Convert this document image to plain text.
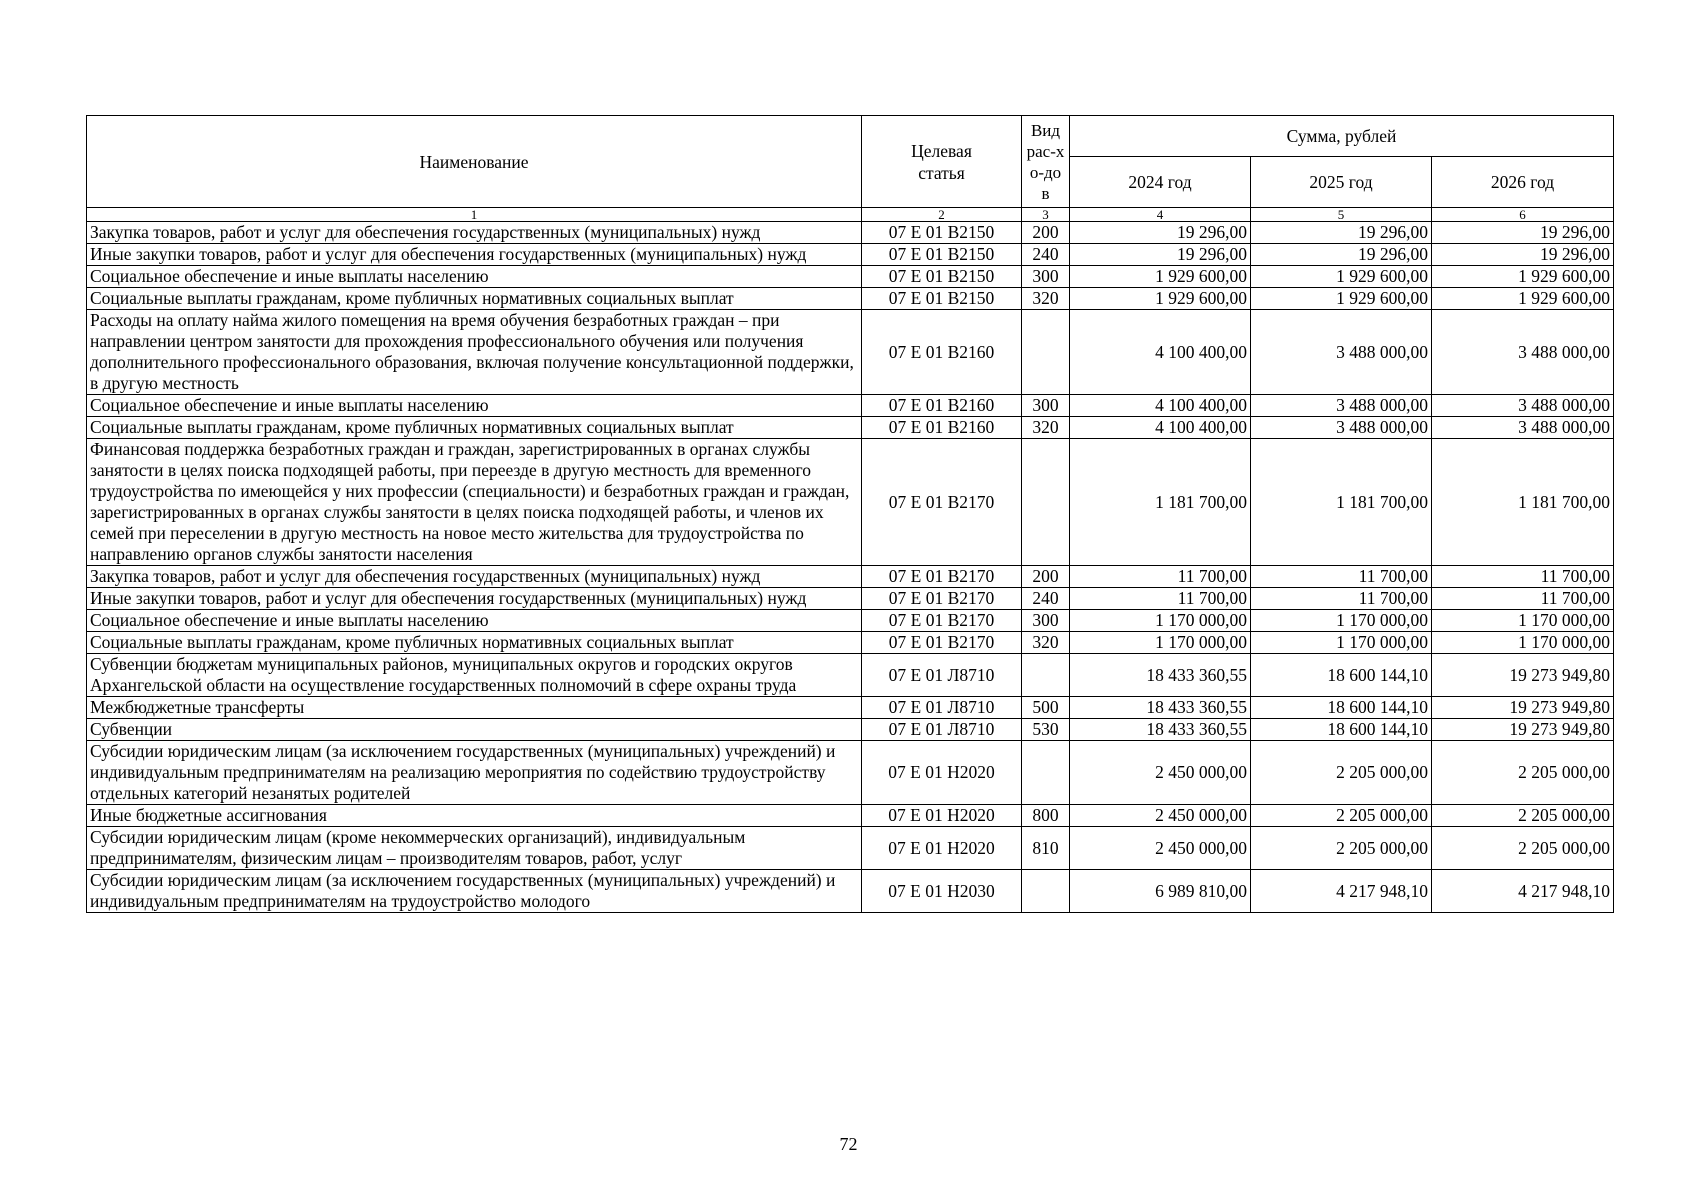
Наименование	Целевая статья	Вид рас-хо-дов	Сумма, рублей		
			2024 год	2025 год	2026 год
1	2	3	4	5	6
Закупка товаров, работ и услуг для обеспечения государственных (муниципальных) нужд	07 Е 01 В2150	200	19 296,00	19 296,00	19 296,00
Иные закупки товаров, работ и услуг для обеспечения государственных (муниципальных) нужд	07 Е 01 В2150	240	19 296,00	19 296,00	19 296,00
Социальное обеспечение и иные выплаты населению	07 Е 01 В2150	300	1 929 600,00	1 929 600,00	1 929 600,00
Социальные выплаты гражданам, кроме публичных нормативных социальных выплат	07 Е 01 В2150	320	1 929 600,00	1 929 600,00	1 929 600,00
Расходы на оплату найма жилого помещения на время обучения безработных граждан – при направлении центром занятости для прохождения профессионального обучения или получения дополнительного профессионального образования, включая получение консультационной поддержки, в другую местность	07 Е 01 В2160		4 100 400,00	3 488 000,00	3 488 000,00
Социальное обеспечение и иные выплаты населению	07 Е 01 В2160	300	4 100 400,00	3 488 000,00	3 488 000,00
Социальные выплаты гражданам, кроме публичных нормативных социальных выплат	07 Е 01 В2160	320	4 100 400,00	3 488 000,00	3 488 000,00
Финансовая поддержка безработных граждан и граждан, зарегистрированных в органах службы занятости в целях поиска подходящей работы, при переезде в другую местность для временного трудоустройства по имеющейся у них профессии (специальности) и безработных граждан и граждан, зарегистрированных в органах службы занятости в целях поиска подходящей работы, и членов их семей при переселении в другую местность на новое место жительства для трудоустройства по направлению органов службы занятости населения	07 Е 01 В2170		1 181 700,00	1 181 700,00	1 181 700,00
Закупка товаров, работ и услуг для обеспечения государственных (муниципальных) нужд	07 Е 01 В2170	200	11 700,00	11 700,00	11 700,00
Иные закупки товаров, работ и услуг для обеспечения государственных (муниципальных) нужд	07 Е 01 В2170	240	11 700,00	11 700,00	11 700,00
Социальное обеспечение и иные выплаты населению	07 Е 01 В2170	300	1 170 000,00	1 170 000,00	1 170 000,00
Социальные выплаты гражданам, кроме публичных нормативных социальных выплат	07 Е 01 В2170	320	1 170 000,00	1 170 000,00	1 170 000,00
Субвенции бюджетам муниципальных районов, муниципальных округов и городских округов Архангельской области на осуществление государственных полномочий в сфере охраны труда	07 Е 01 Л8710		18 433 360,55	18 600 144,10	19 273 949,80
Межбюджетные трансферты	07 Е 01 Л8710	500	18 433 360,55	18 600 144,10	19 273 949,80
Субвенции	07 Е 01 Л8710	530	18 433 360,55	18 600 144,10	19 273 949,80
Субсидии юридическим лицам (за исключением государственных (муниципальных) учреждений) и индивидуальным предпринимателям на реализацию мероприятия по содействию трудоустройству отдельных категорий незанятых родителей	07 Е 01 Н2020		2 450 000,00	2 205 000,00	2 205 000,00
Иные бюджетные ассигнования	07 Е 01 Н2020	800	2 450 000,00	2 205 000,00	2 205 000,00
Субсидии юридическим лицам (кроме некоммерческих организаций), индивидуальным предпринимателям, физическим лицам – производителям товаров, работ, услуг	07 Е 01 Н2020	810	2 450 000,00	2 205 000,00	2 205 000,00
Субсидии юридическим лицам (за исключением государственных (муниципальных) учреждений) и индивидуальным предпринимателям на трудоустройство молодого	07 Е 01 Н2030		6 989 810,00	4 217 948,10	4 217 948,10
72
